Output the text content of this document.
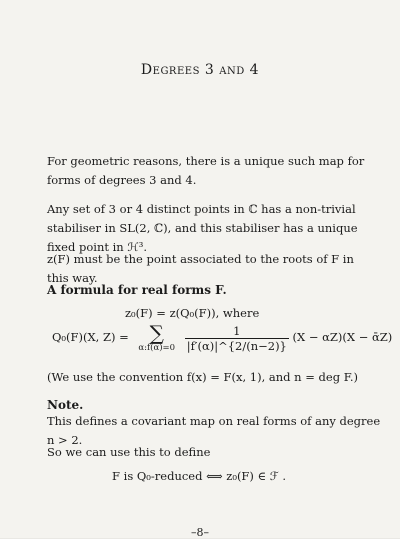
Degrees 3 and 4
For geometric reasons, there is a unique such map for forms of degrees 3 and 4.
Any set of 3 or 4 distinct points in ℂ has a non-trivial stabiliser in SL(2, ℂ), and this stabiliser has a unique fixed point in ℋ³.
z(F) must be the point associated to the roots of F in this way.
A formula for real forms F.
z₀(F) = z(Q₀(F)), where
Q₀(F)(X, Z) =	∑
α:f(α)=0
$\frac{1}{|f'(\alpha)|\^{}\{2/(n-2)\}} (X - \alpha Z)(X$ − ᾱZ)
(We use the convention f(x) = F(x, 1), and n = deg F.)
Note.
This defines a covariant map on real forms of any degree n > 2.
So we can use this to define
F is Q₀-reduced ⟺ z₀(F) ∈ ℱ .
–8–
